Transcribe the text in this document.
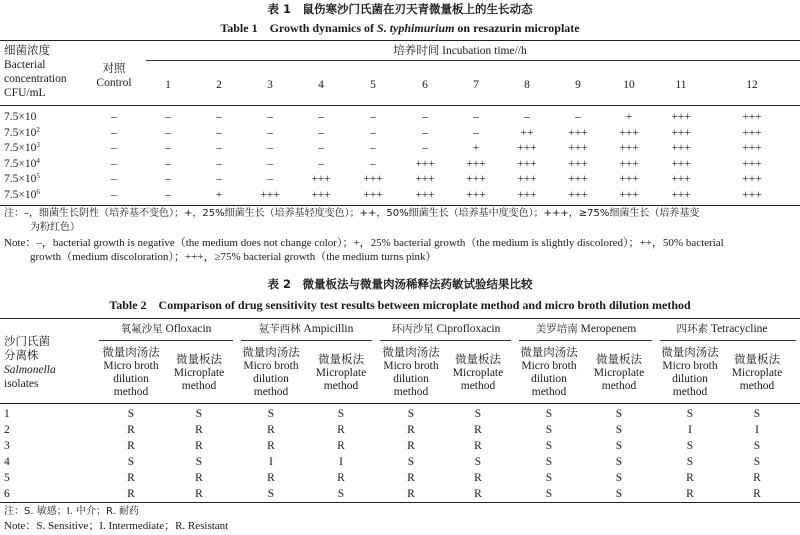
表 1　鼠伤寒沙门氏菌在刃天青微量板上的生长动态
Table 1　Growth dynamics of S. typhimurium on resazurin microplate
细菌浓度
Bacterial
concentration
CFU/mL
对照
Control
培养时间 Incubation time//h
1	2	3	4	5	6	7	8	9	10	11	12
7.5×10	–	–	–	–	–	–	–	–	–	–	+	+++	+++
$7.5\times 10^2$	–	–	–	–	–	–	–	–	++	+++	+++	+++	+++
$7.5\times 10^3$	–	–	–	–	–	–	–	+	+++	+++	+++	+++	+++
$7.5\times 10^4$	–	–	–	–	–	–	+++	+++	+++	+++	+++	+++	+++
$7.5\times 10^5$	–	–	–	–	+++	+++	+++	+++	+++	+++	+++	+++	+++
$7.5\times 10^6$	–	–	+	+++	+++	+++	+++	+++	+++	+++	+++	+++	+++
注：–，细菌生长阴性（培养基不变色）；+，25%细菌生长（培养基轻度变色）；++，50%细菌生长（培养基中度变色）；+++，≥75%细菌生长（培养基变
为粉红色）
Note：–，bacterial growth is negative（the medium does not change color）；+，25% bacterial growth（the medium is slightly discolored）；++，50% bacterial
growth（medium discoloration）；+++，≥75% bacterial growth（the medium turns pink）
表 2　微量板法与微量肉汤稀释法药敏试验结果比较
Table 2　Comparison of drug sensitivity test results between microplate method and micro broth dilution method
沙门氏菌
分离株
Salmonella
isolates
氧氟沙星 Ofloxacin
微量肉汤法
Micro broth
dilution
method
微量板法
Microplate
method
氨苄西林 Ampicillin
微量肉汤法
Micro broth
dilution
method
微量板法
Microplate
method
环丙沙星 Ciprofloxacin
微量肉汤法
Micro broth
dilution
method
微量板法
Microplate
method
美罗培南 Meropenem
微量肉汤法
Micro broth
dilution
method
微量板法
Microplate
method
四环素 Tetracycline
微量肉汤法
Micro broth
dilution
method
微量板法
Microplate
method
1	S	S	S	S	S	S	S	S	S	S
2	R	R	R	R	R	R	S	S	I	I
3	R	R	R	R	R	R	S	S	S	S
4	S	S	I	I	S	S	S	S	S	S
5	R	R	R	R	R	R	S	S	R	R
6	R	R	S	S	R	R	S	S	R	R
注：S. 敏感；I. 中介；R. 耐药
Note：S. Sensitive；I. Intermediate；R. Resistant
